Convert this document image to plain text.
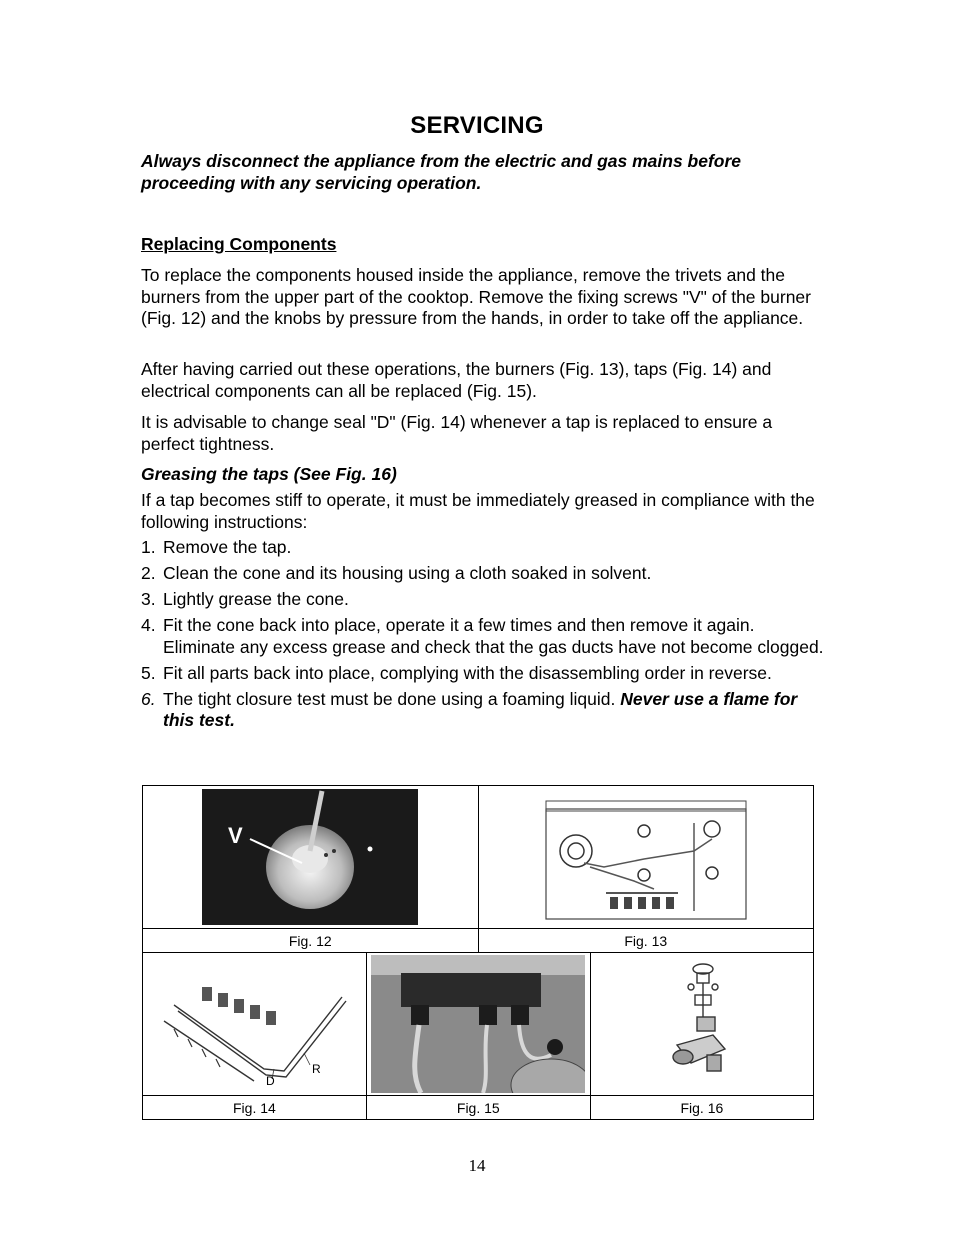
SERVICING
Always disconnect the appliance from the electric and gas mains before proceeding with any servicing operation.
Replacing Components
To replace the components housed inside the appliance, remove the trivets and the burners from the upper part of the cooktop. Remove the fixing screws "V" of the burner (Fig. 12) and the knobs by pressure from the hands, in order to take off the appliance.
After having carried out these operations, the burners (Fig. 13), taps (Fig. 14) and electrical components can all be replaced (Fig. 15).
It is advisable to change seal "D" (Fig. 14) whenever a tap is replaced to ensure a perfect tightness.
Greasing the taps (See Fig. 16)
If a tap becomes stiff to operate, it must be immediately greased in compliance with the following instructions:
1. Remove the tap.
2. Clean the cone and its housing using a cloth soaked in solvent.
3. Lightly grease the cone.
4. Fit the cone back into place, operate it a few times and then remove it again. Eliminate any excess grease and check that the gas ducts have not become clogged.
5. Fit all parts back into place, complying with the disassembling order in reverse.
6. The tight closure test must be done using a foaming liquid. Never use a flame for this test.
V

Fig. 12	Fig. 13
D
R

Fig. 14	Fig. 15	Fig. 16
14
